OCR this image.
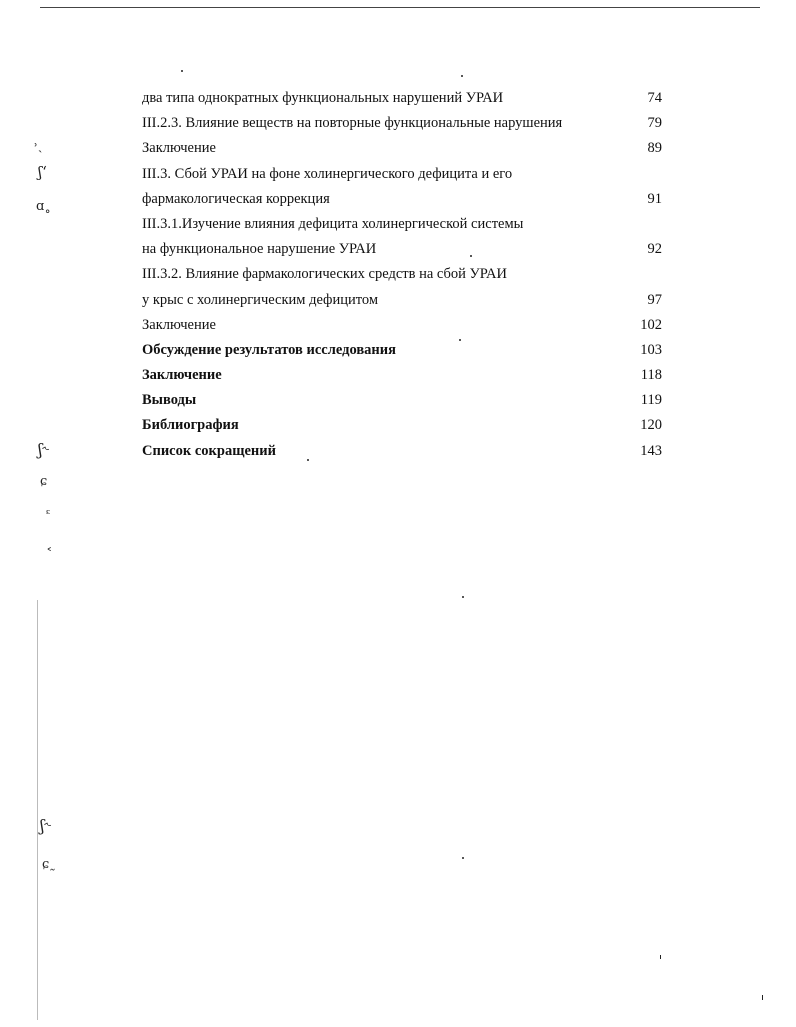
два типа однократных функциональных нарушений УРАИ	74
III.2.3. Влияние веществ на повторные функциональные нарушения	79
Заключение	89
III.3. Сбой УРАИ на фоне холинергического дефицита и его
фармакологическая коррекция	91
III.3.1.Изучение влияния дефицита холинергической системы
на функциональное нарушение УРАИ	92
III.3.2. Влияние фармакологических средств на сбой УРАИ
у крыс с холинергическим дефицитом	97
Заключение	102
Обсуждение результатов исследования	103
Заключение	118
Выводы	119
Библиография	120
Список сокращений	143
˒ˎ
ʃ‘
ɑ˳
ʃ˞
ɕ
ᵋ
˂
ʃ˞
ɕ˷
